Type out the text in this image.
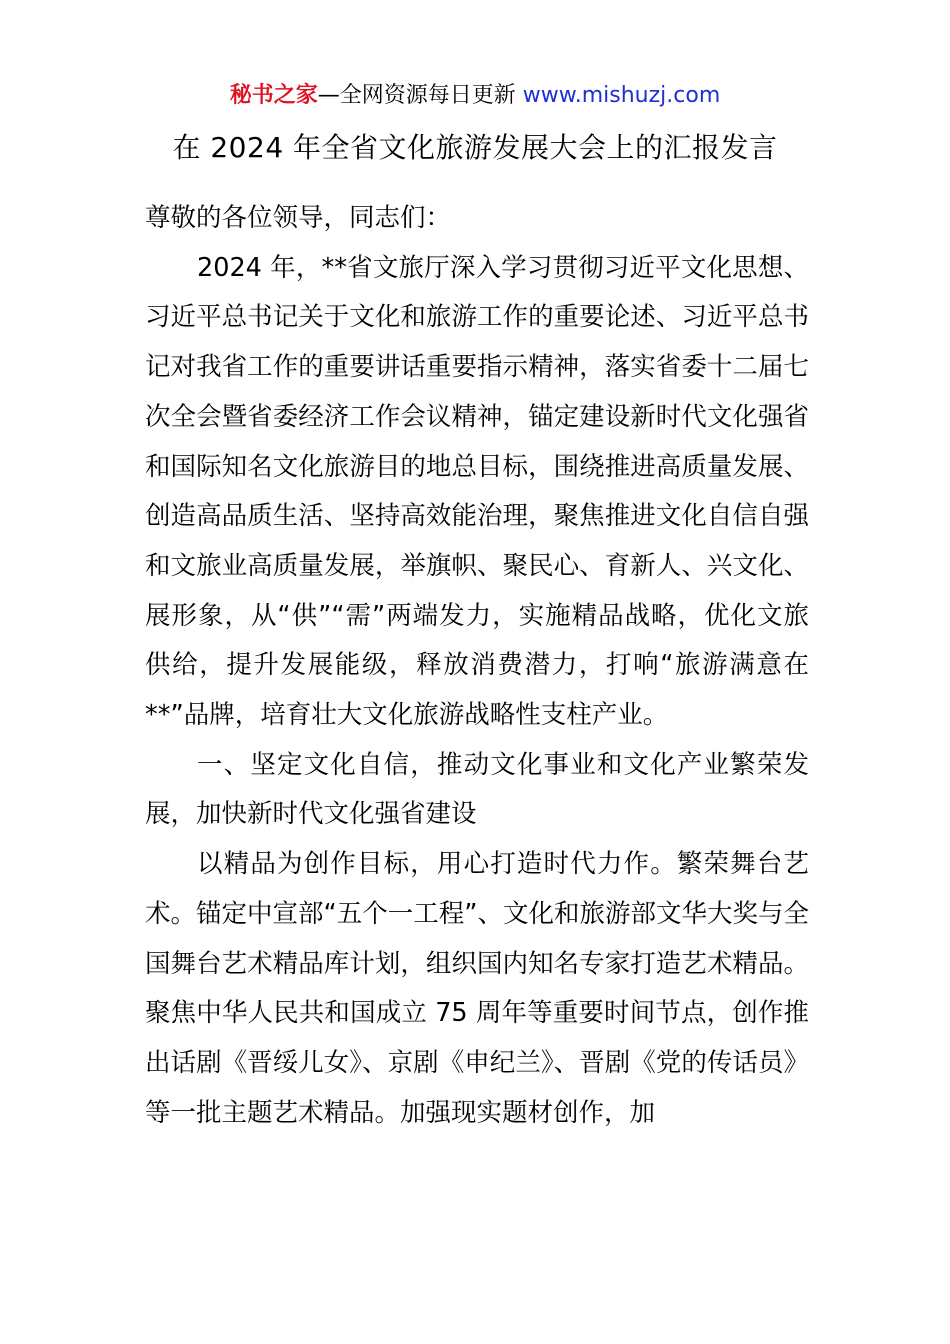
秘书之家—全网资源每日更新 www.mishuzj.com
在 2024 年全省文化旅游发展大会上的汇报发言

尊敬的各位领导，同志们：

2024 年，**省文旅厅深入学习贯彻习近平文化思想、习近平总书记关于文化和旅游工作的重要论述、习近平总书记对我省工作的重要讲话重要指示精神，落实省委十二届七次全会暨省委经济工作会议精神，锚定建设新时代文化强省和国际知名文化旅游目的地总目标，围绕推进高质量发展、创造高品质生活、坚持高效能治理，聚焦推进文化自信自强和文旅业高质量发展，举旗帜、聚民心、育新人、兴文化、展形象，从“供”“需”两端发力，实施精品战略，优化文旅供给，提升发展能级，释放消费潜力，打响“旅游满意在**”品牌，培育壮大文化旅游战略性支柱产业。

一、坚定文化自信，推动文化事业和文化产业繁荣发展，加快新时代文化强省建设

以精品为创作目标，用心打造时代力作。繁荣舞台艺术。锚定中宣部“五个一工程”、文化和旅游部文华大奖与全国舞台艺术精品库计划，组织国内知名专家打造艺术精品。聚焦中华人民共和国成立 75 周年等重要时间节点，创作推出话剧《晋绥儿女》、京剧《申纪兰》、晋剧《党的传话员》等一批主题艺术精品。加强现实题材创作，加
